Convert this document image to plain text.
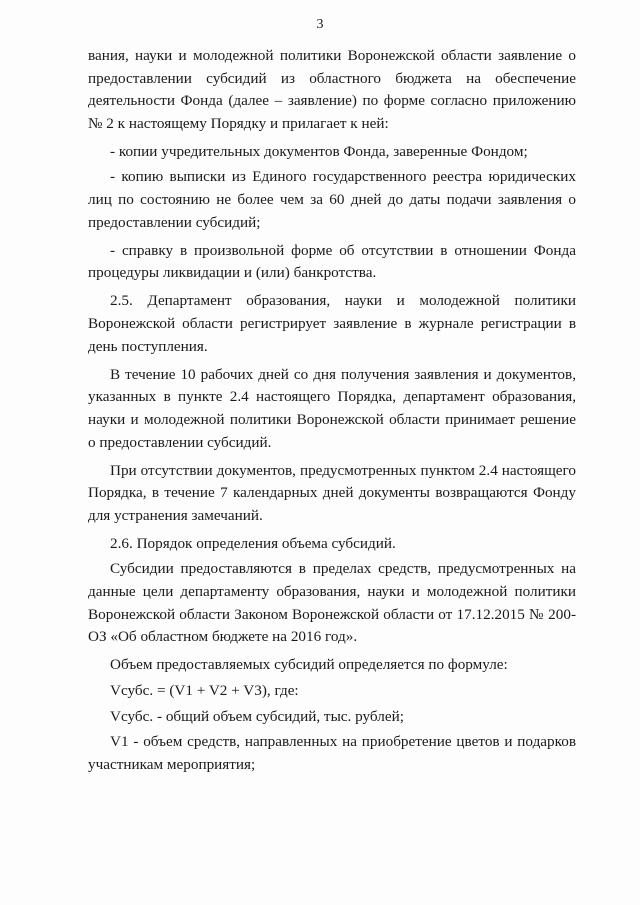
3

вания, науки и молодежной политики Воронежской области заявление о предоставлении субсидий из областного бюджета на обеспечение деятельности Фонда (далее – заявление) по форме согласно приложению № 2 к настоящему Порядку и прилагает к ней:

- копии учредительных документов Фонда, заверенные Фондом;

- копию выписки из Единого государственного реестра юридических лиц по состоянию не более чем за 60 дней до даты подачи заявления о предоставлении субсидий;

- справку в произвольной форме об отсутствии в отношении Фонда процедуры ликвидации и (или) банкротства.

2.5. Департамент образования, науки и молодежной политики Воронежской области регистрирует заявление в журнале регистрации в день поступления.

В течение 10 рабочих дней со дня получения заявления и документов, указанных в пункте 2.4 настоящего Порядка, департамент образования, науки и молодежной политики Воронежской области принимает решение о предоставлении субсидий.

При отсутствии документов, предусмотренных пунктом 2.4 настоящего Порядка, в течение 7 календарных дней документы возвращаются Фонду для устранения замечаний.

2.6. Порядок определения объема субсидий.

Субсидии предоставляются в пределах средств, предусмотренных на данные цели департаменту образования, науки и молодежной политики Воронежской области Законом Воронежской области от 17.12.2015 № 200-ОЗ «Об областном бюджете на 2016 год».

Объем предоставляемых субсидий определяется по формуле:

Vсубс. = (V1 + V2 + V3), где:

Vсубс. - общий объем субсидий, тыс. рублей;

V1 - объем средств, направленных на приобретение цветов и подарков участникам мероприятия;
